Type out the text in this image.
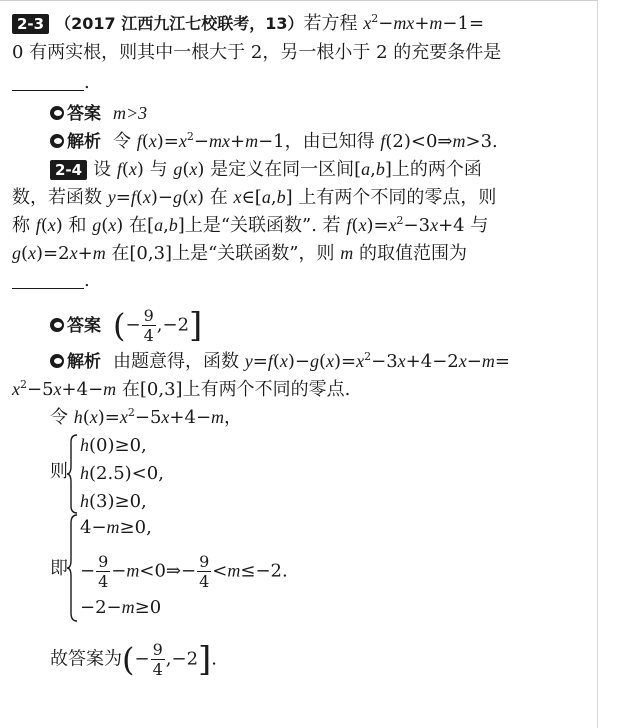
2-3 （2017 江西九江七校联考，13）若方程 $x^2-mx+m-1=$
0 有两实根，则其中一根大于 2，另一根小于 2 的充要条件是
.
答案 m>3
解析 令 $f(x)=x^2-mx+m-1$，由已知得 f(2)<0⇒m>3.
2-4 设 f(x) 与 g(x) 是定义在同一区间[a,b]上的两个函
数，若函数 y=f(x)−g(x) 在 x∈[a,b] 上有两个不同的零点，则
称 f(x) 和 g(x) 在[a,b]上是“关联函数”. 若 $f(x)=x^2-3x+4$ 与
g(x)=2x+m 在[0,3]上是“关联函数”，则 m 的取值范围为
.
答案 (− $\frac{9}{4} ,-2$]
解析 由题意得，函数 $y=f(x)-g(x)=x^2-3x+4-2x-m=$
$x^2-5x+4-m$ 在[0,3]上有两个不同的零点.
令 $h(x)=x^2-5x+4-m$，
则
h(0)≥0,
h(2.5)<0,
h(3)≥0,
即
4−m≥0,
− $\frac{9}{4}$ −m<0⇒− $\frac{9}{4} <m\le-2$.
−2−m≥0
故答案为(− $\frac{9}{4} ,-2$].
